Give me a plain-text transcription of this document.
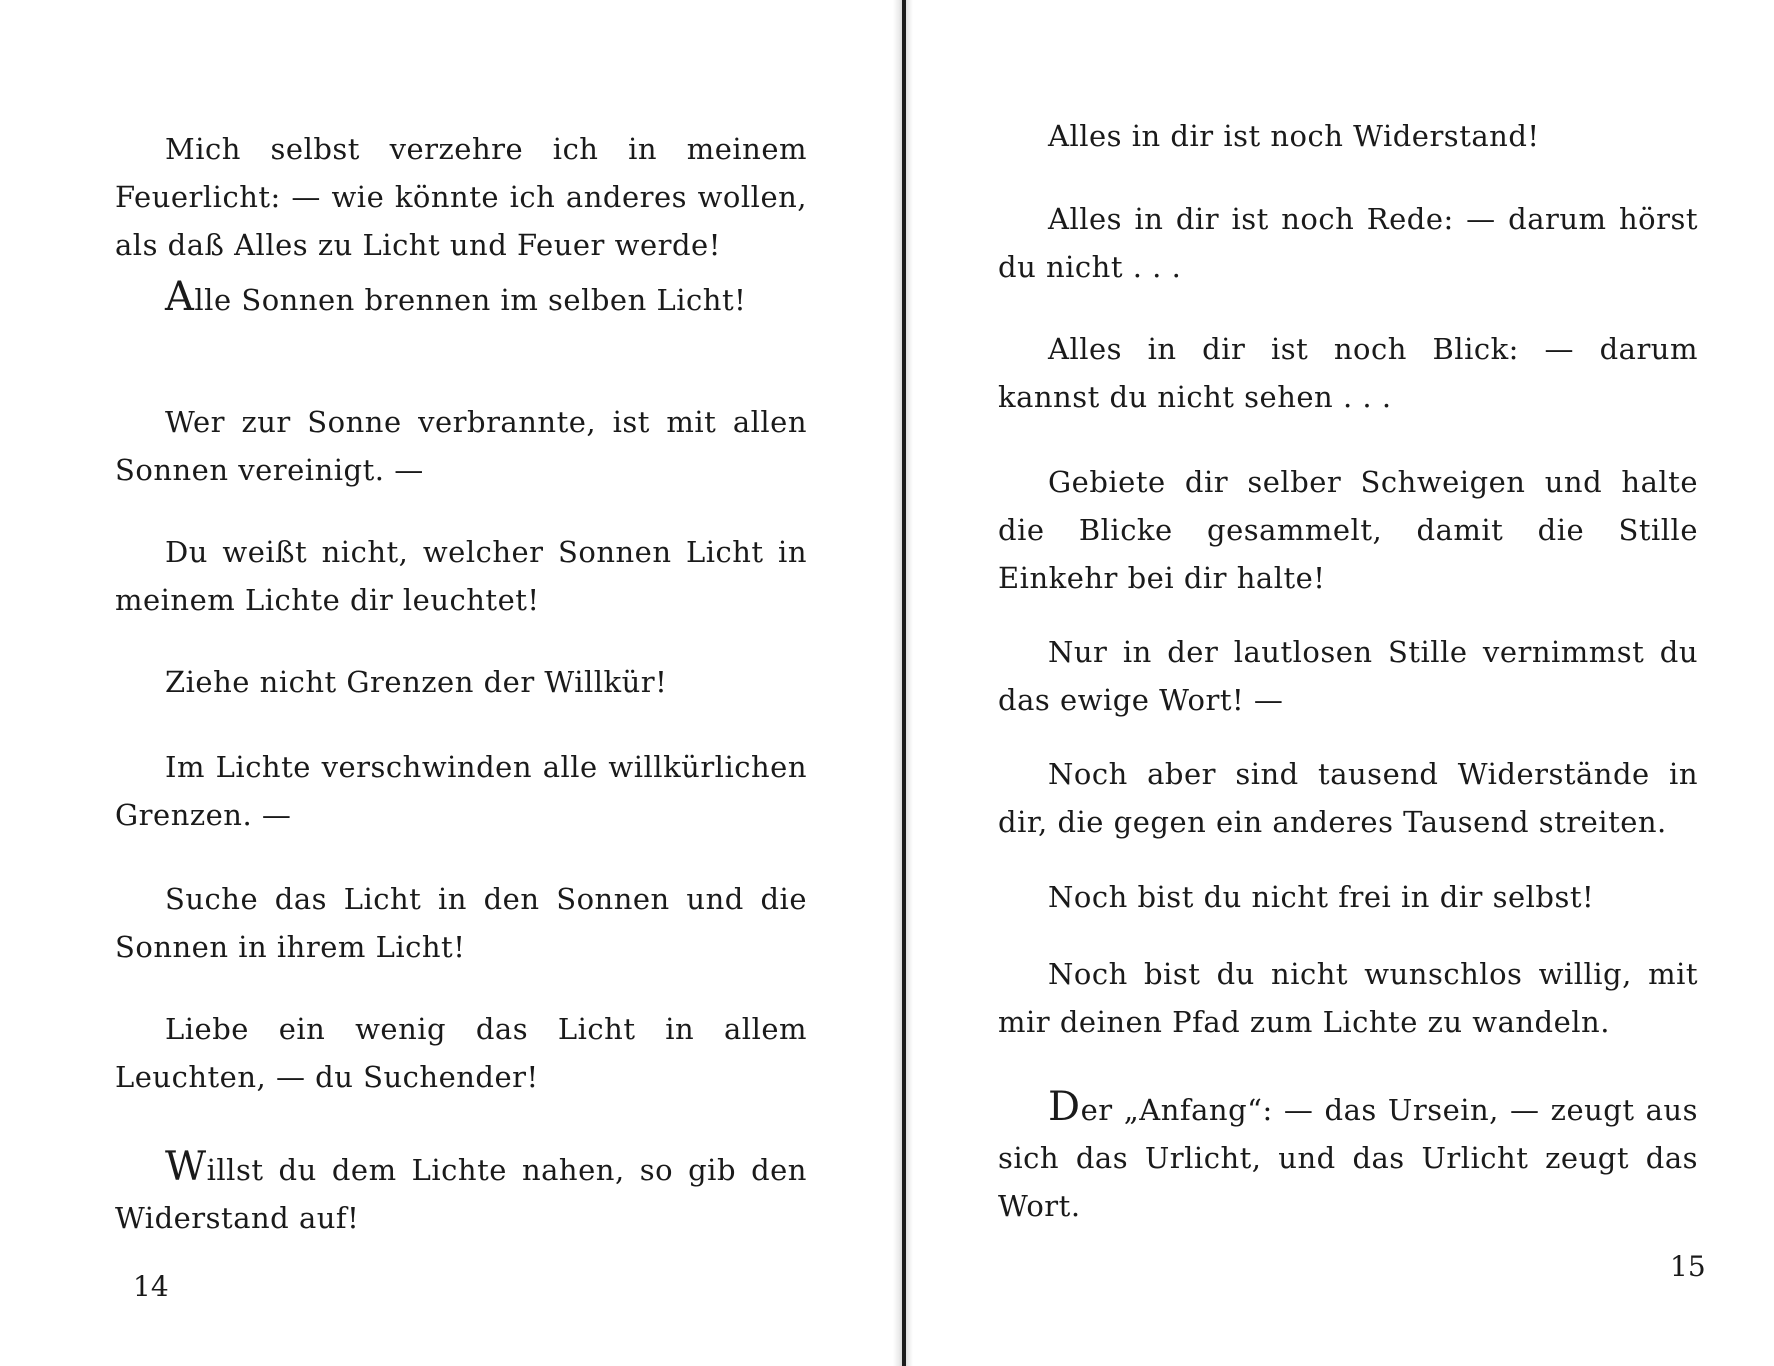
Mich selbst verzehre ich in meinem Feuerlicht: — wie könnte ich anderes wollen, als daß Alles zu Licht und Feuer werde!

Alle Sonnen brennen im selben Licht!

Wer zur Sonne verbrannte, ist mit allen Sonnen vereinigt. —

Du weißt nicht, welcher Sonnen Licht in meinem Lichte dir leuchtet!

Ziehe nicht Grenzen der Willkür!

Im Lichte verschwinden alle willkürlichen Grenzen. —

Suche das Licht in den Sonnen und die Sonnen in ihrem Licht!

Liebe ein wenig das Licht in allem Leuchten, — du Suchender!

Willst du dem Lichte nahen, so gib den Widerstand auf!

14

Alles in dir ist noch Widerstand!

Alles in dir ist noch Rede: — darum hörst du nicht . . .

Alles in dir ist noch Blick: — darum kannst du nicht sehen . . .

Gebiete dir selber Schweigen und halte die Blicke gesammelt, damit die Stille Einkehr bei dir halte!

Nur in der lautlosen Stille vernimmst du das ewige Wort! —

Noch aber sind tausend Widerstände in dir, die gegen ein anderes Tausend streiten.

Noch bist du nicht frei in dir selbst!

Noch bist du nicht wunschlos willig, mit mir deinen Pfad zum Lichte zu wandeln.

Der „Anfang“: — das Ursein, — zeugt aus sich das Urlicht, und das Urlicht zeugt das Wort.

15
